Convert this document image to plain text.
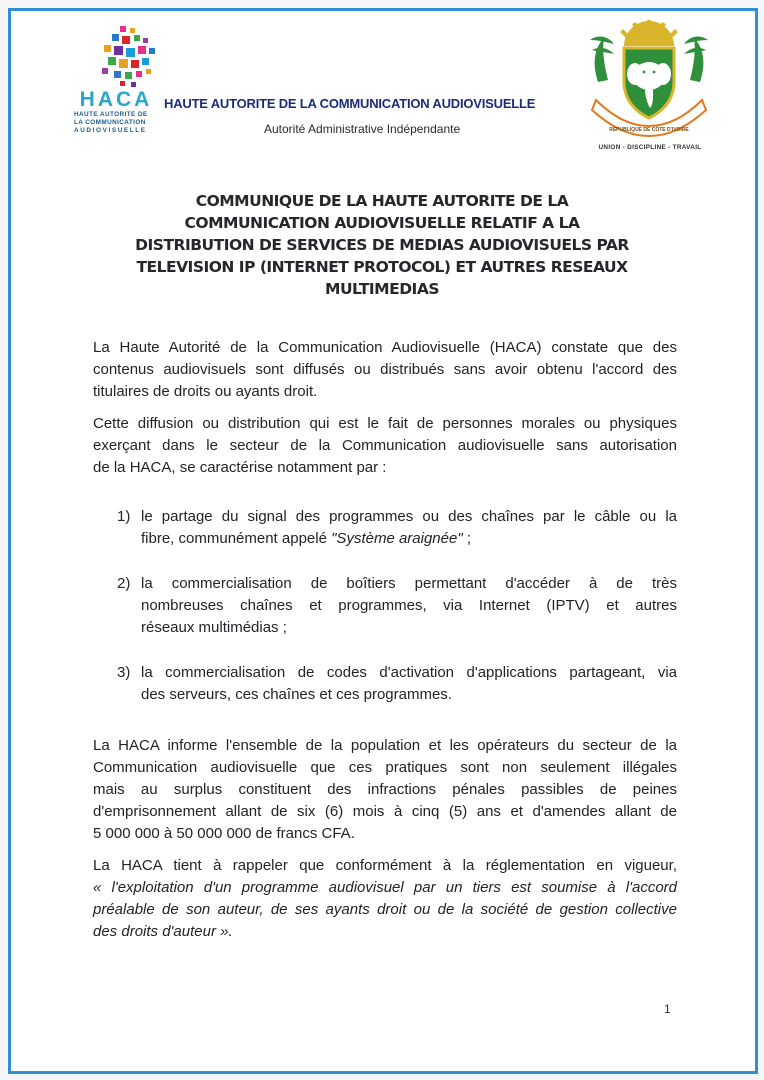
HACA
HAUTE AUTORITE DE
LA COMMUNICATION
AUDIOVISUELLE
HAUTE AUTORITE DE LA COMMUNICATION AUDIOVISUELLE
Autorité Administrative Indépendante	RÉPUBLIQUE DE CÔTE D'IVOIRE
UNION - DISCIPLINE - TRAVAIL
COMMUNIQUE DE LA HAUTE AUTORITE DE LA
COMMUNICATION AUDIOVISUELLE RELATIF A LA
DISTRIBUTION DE SERVICES DE MEDIAS AUDIOVISUELS PAR
TELEVISION IP (INTERNET PROTOCOL) ET AUTRES RESEAUX
MULTIMEDIAS
La Haute Autorité de la Communication Audiovisuelle (HACA) constate que des
contenus audiovisuels sont diffusés ou distribués sans avoir obtenu l'accord des
titulaires de droits ou ayants droit.
Cette diffusion ou distribution qui est le fait de personnes morales ou physiques
exerçant dans le secteur de la Communication audiovisuelle sans autorisation
de la HACA, se caractérise notamment par :
1) le partage du signal des programmes ou des chaînes par le câble ou la
fibre, communément appelé "Système araignée" ;
2) la commercialisation de boîtiers permettant d'accéder à de très
nombreuses chaînes et programmes, via Internet (IPTV) et autres
réseaux multimédias ;
3) la commercialisation de codes d'activation d'applications partageant, via
des serveurs, ces chaînes et ces programmes.
La HACA informe l'ensemble de la population et les opérateurs du secteur de la
Communication audiovisuelle que ces pratiques sont non seulement illégales
mais au surplus constituent des infractions pénales passibles de peines
d'emprisonnement allant de six (6) mois à cinq (5) ans et d'amendes allant de
5 000 000 à 50 000 000 de francs CFA.
La HACA tient à rappeler que conformément à la réglementation en vigueur,
« l'exploitation d'un programme audiovisuel par un tiers est soumise à l'accord
préalable de son auteur, de ses ayants droit ou de la société de gestion collective
des droits d'auteur ».
1
